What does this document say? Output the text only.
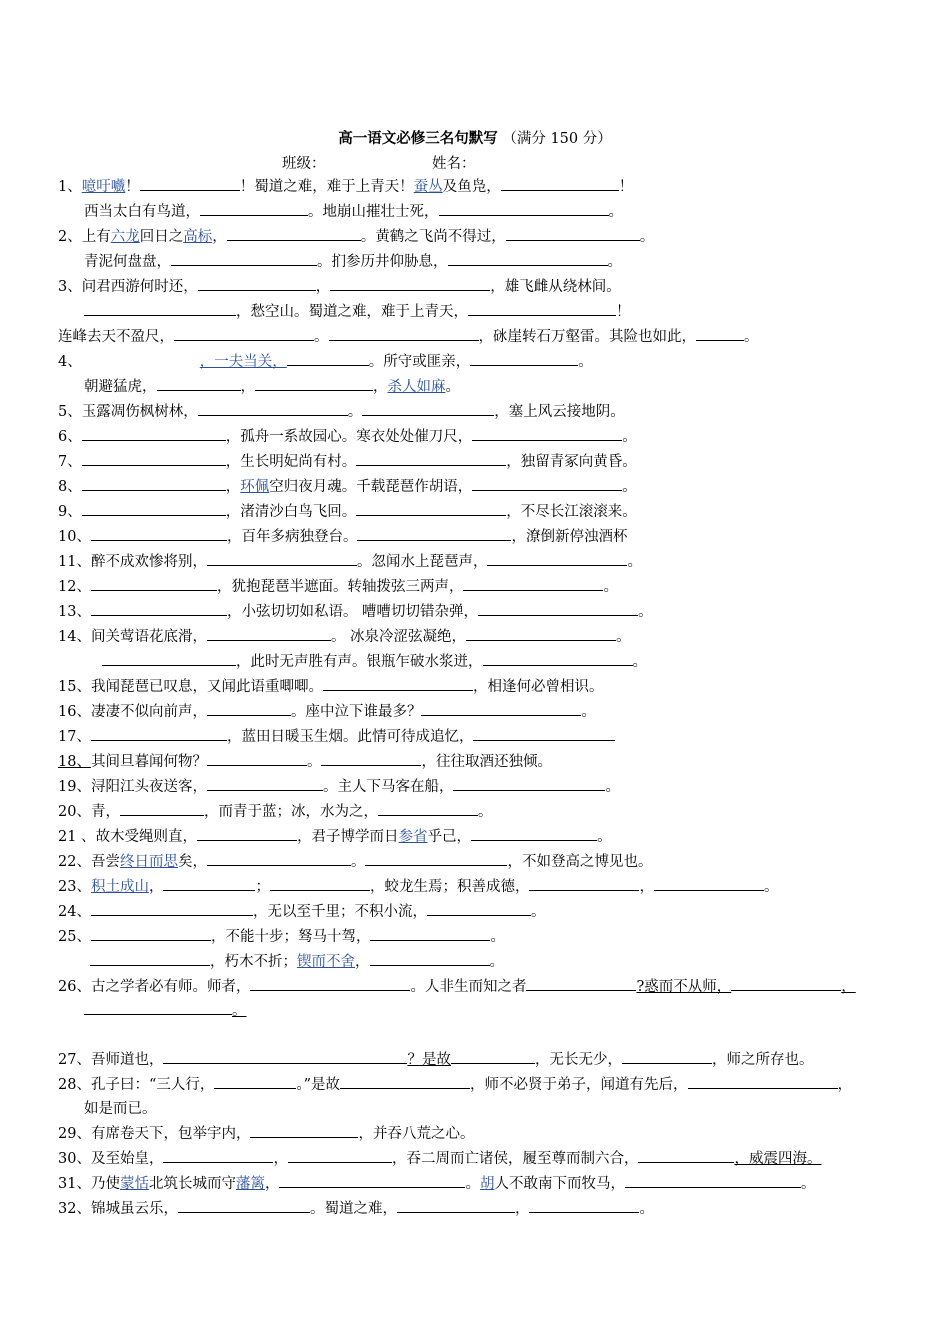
高一语文必修三名句默写 （满分 150 分）
班级：	姓名：
1、噫吁嚱！	！蜀道之难，难于上青天！蚕丛及鱼凫，	！
西当太白有鸟道，	。地崩山摧壮士死，	。
2、上有六龙回日之高标，	。黄鹤之飞尚不得过，	。
青泥何盘盘，	。扪参历井仰胁息，	。
3、问君西游何时还，	，	，雄飞雌从绕林间。
，愁空山。蜀道之难，难于上青天，	！
连峰去天不盈尺，	。	，砯崖转石万壑雷。其险也如此，	。
4、	，一夫当关，	。所守或匪亲，	。
朝避猛虎，	，	，杀人如麻。
5、玉露凋伤枫树林，	。	，塞上风云接地阴。
6、	，孤舟一系故园心。寒衣处处催刀尺，	。
7、	，生长明妃尚有村。	，独留青冢向黄昏。
8、	，环佩空归夜月魂。千载琵琶作胡语，	。
9、	，渚清沙白鸟飞回。	，不尽长江滚滚来。
10、	，百年多病独登台。	，潦倒新停浊酒杯
11、醉不成欢惨将别，	。忽闻水上琵琶声，	。
12、	，犹抱琵琶半遮面。转轴拨弦三两声，	。
13、	，小弦切切如私语。 嘈嘈切切错杂弹，	。
14、间关莺语花底滑，	。 冰泉冷涩弦凝绝，	。
，此时无声胜有声。银瓶乍破水浆迸，	。
15、我闻琵琶已叹息，又闻此语重唧唧。	，相逢何必曾相识。
16、凄凄不似向前声，	。座中泣下谁最多？	。
17、	，蓝田日暖玉生烟。此情可待成追忆，
18、其间旦暮闻何物？	。	，往往取酒还独倾。
19、浔阳江头夜送客，	。主人下马客在船，	。
20、青，	，而青于蓝；冰，水为之，	。
21 、故木受绳则直，	，君子博学而日参省乎己，	。
22、吾尝终日而思矣，	。	，不如登高之博见也。
23、积土成山，	；	，蛟龙生焉；积善成德，	，	。
24、	，无以至千里；不积小流，	。
25、	，不能十步；驽马十驾，	。
，朽木不折；锲而不舍，	。
26、古之学者必有师。师者，	。人非生而知之者	?惑而不从师，	，
。
27、吾师道也，	？是故	，无长无少，	，师之所存也。
28、孔子曰：“三人行，	。”是故	，师不必贤于弟子，闻道有先后，	，
如是而已。
29、有席卷天下，包举宇内，	，并吞八荒之心。
30、及至始皇，	，	，吞二周而亡诸侯，履至尊而制六合，	，威震四海。
31、乃使蒙恬北筑长城而守藩篱，	。胡人不敢南下而牧马，	。
32、锦城虽云乐，	。蜀道之难，	，	。
